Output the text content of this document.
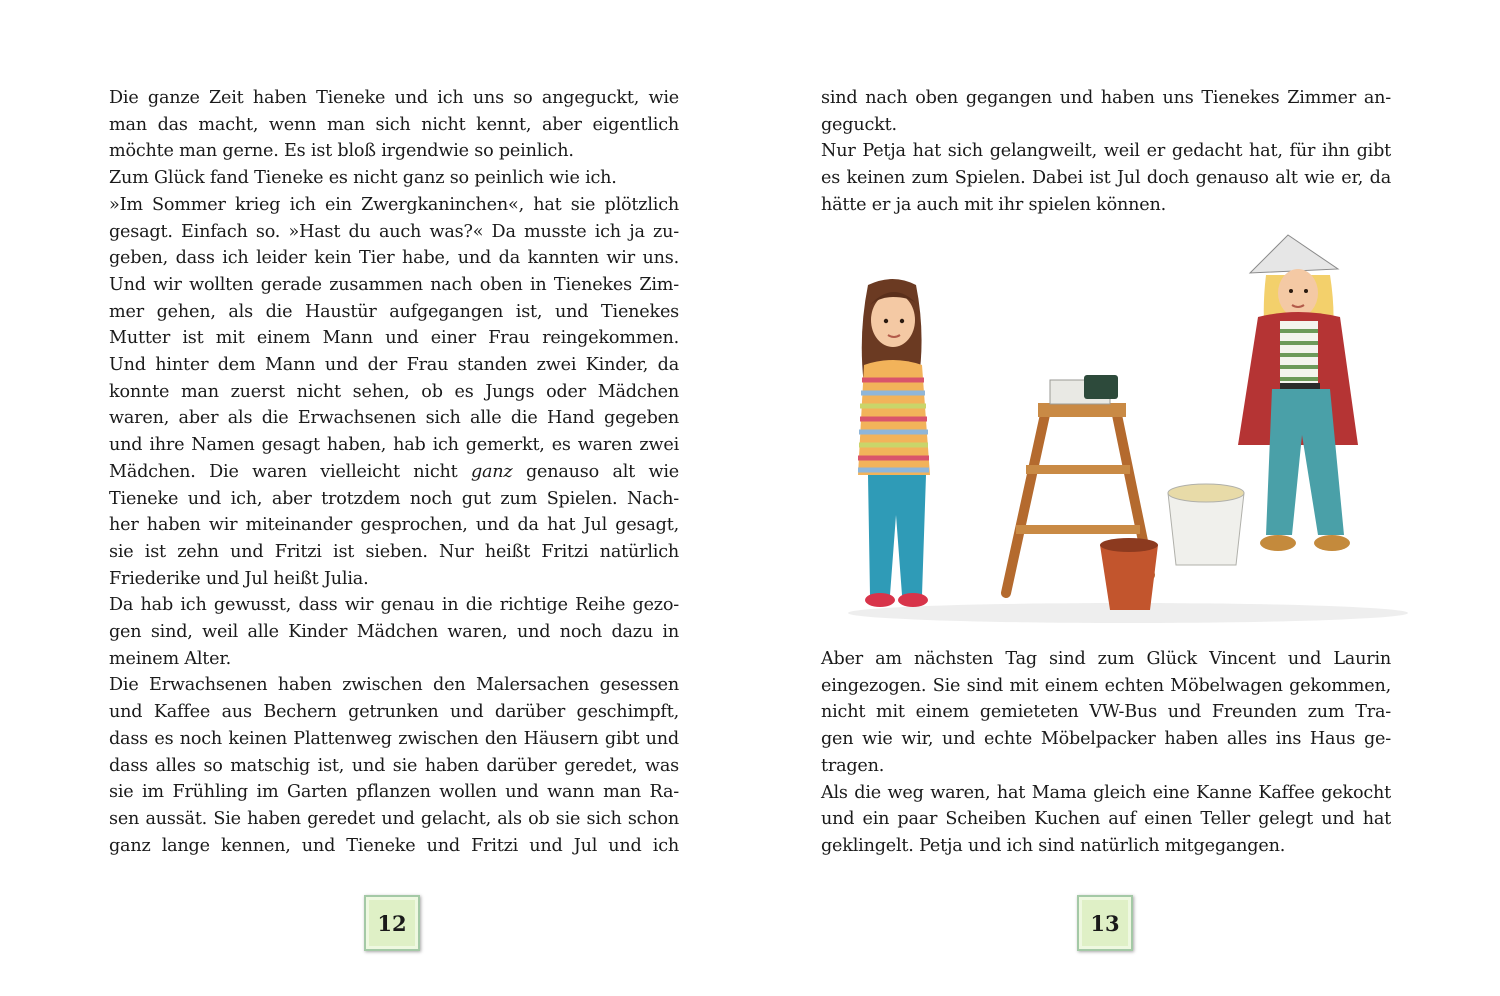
Die ganze Zeit haben Tieneke und ich uns so angeguckt, wie
man das macht, wenn man sich nicht kennt, aber eigentlich
möchte man gerne. Es ist bloß irgendwie so peinlich.
Zum Glück fand Tieneke es nicht ganz so peinlich wie ich.
»Im Sommer krieg ich ein Zwergkaninchen«, hat sie plötzlich
gesagt. Einfach so. »Hast du auch was?« Da musste ich ja zu-
geben, dass ich leider kein Tier habe, und da kannten wir uns.
Und wir wollten gerade zusammen nach oben in Tienekes Zim-
mer gehen, als die Haustür aufgegangen ist, und Tienekes
Mutter ist mit einem Mann und einer Frau reingekommen.
Und hinter dem Mann und der Frau standen zwei Kinder, da
konnte man zuerst nicht sehen, ob es Jungs oder Mädchen
waren, aber als die Erwachsenen sich alle die Hand gegeben
und ihre Namen gesagt haben, hab ich gemerkt, es waren zwei
Mädchen. Die waren vielleicht nicht ganz genauso alt wie
Tieneke und ich, aber trotzdem noch gut zum Spielen. Nach-
her haben wir miteinander gesprochen, und da hat Jul gesagt,
sie ist zehn und Fritzi ist sieben. Nur heißt Fritzi natürlich
Friederike und Jul heißt Julia.
Da hab ich gewusst, dass wir genau in die richtige Reihe gezo-
gen sind, weil alle Kinder Mädchen waren, und noch dazu in
meinem Alter.
Die Erwachsenen haben zwischen den Malersachen gesessen
und Kaffee aus Bechern getrunken und darüber geschimpft,
dass es noch keinen Plattenweg zwischen den Häusern gibt und
dass alles so matschig ist, und sie haben darüber geredet, was
sie im Frühling im Garten pflanzen wollen und wann man Ra-
sen aussät. Sie haben geredet und gelacht, als ob sie sich schon
ganz lange kennen, und Tieneke und Fritzi und Jul und ich
12
sind nach oben gegangen und haben uns Tienekes Zimmer an-
geguckt.
Nur Petja hat sich gelangweilt, weil er gedacht hat, für ihn gibt
es keinen zum Spielen. Dabei ist Jul doch genauso alt wie er, da
hätte er ja auch mit ihr spielen können.
Aber am nächsten Tag sind zum Glück Vincent und Laurin
eingezogen. Sie sind mit einem echten Möbelwagen gekommen,
nicht mit einem gemieteten VW-Bus und Freunden zum Tra-
gen wie wir, und echte Möbelpacker haben alles ins Haus ge-
tragen.
Als die weg waren, hat Mama gleich eine Kanne Kaffee gekocht
und ein paar Scheiben Kuchen auf einen Teller gelegt und hat
geklingelt. Petja und ich sind natürlich mitgegangen.
13
